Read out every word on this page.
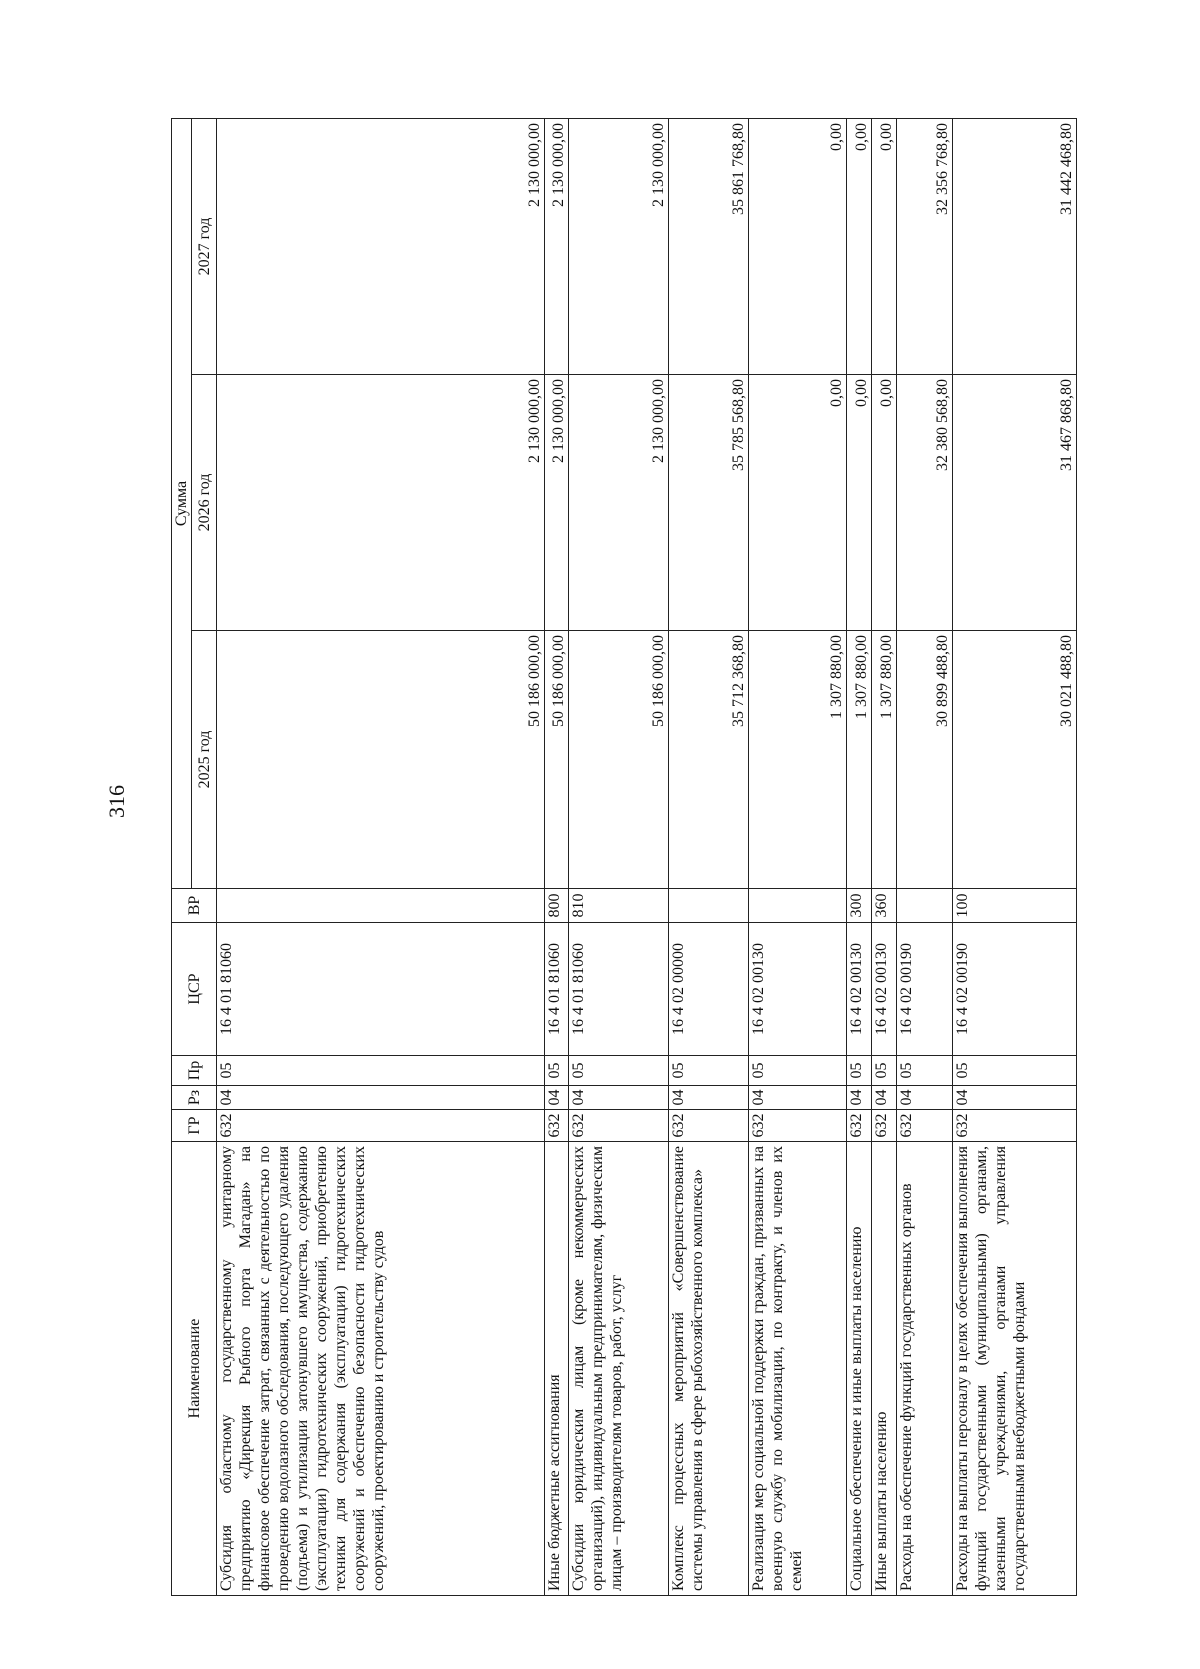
316
Наименование	ГР	Рз	Пр	ЦСР	ВР	Сумма		
						2025 год	2026 год	2027 год
Субсидия областному государственному унитарному предприятию «Дирекция Рыбного порта Магадан» на финансовое обеспечение затрат, связанных с деятельностью по проведению водолазного обследования, последующего удаления (подъема) и утилизации затонувшего имущества, содержанию (эксплуатации) гидротехнических сооружений, приобретению техники для содержания (эксплуатации) гидротехнических сооружений и обеспечению безопасности гидротехнических сооружений, проектированию и строительству судов	632	04	05	16 4 01 81060		50 186 000,00	2 130 000,00	2 130 000,00
Иные бюджетные ассигнования	632	04	05	16 4 01 81060	800	50 186 000,00	2 130 000,00	2 130 000,00
Субсидии юридическим лицам (кроме некоммерческих организаций), индивидуальным предпринимателям, физическим лицам – производителям товаров, работ, услуг	632	04	05	16 4 01 81060	810	50 186 000,00	2 130 000,00	2 130 000,00
Комплекс процессных мероприятий «Совершенствование системы управления в сфере рыбохозяйственного комплекса»	632	04	05	16 4 02 00000		35 712 368,80	35 785 568,80	35 861 768,80
Реализация мер социальной поддержки граждан, призванных на военную службу по мобилизации, по контракту, и членов их семей	632	04	05	16 4 02 00130		1 307 880,00	0,00	0,00
Социальное обеспечение и иные выплаты населению	632	04	05	16 4 02 00130	300	1 307 880,00	0,00	0,00
Иные выплаты населению	632	04	05	16 4 02 00130	360	1 307 880,00	0,00	0,00
Расходы на обеспечение функций государственных органов	632	04	05	16 4 02 00190		30 899 488,80	32 380 568,80	32 356 768,80
Расходы на выплаты персоналу в целях обеспечения выполнения функций государственными (муниципальными) органами, казенными учреждениями, органами управления государственными внебюджетными фондами	632	04	05	16 4 02 00190	100	30 021 488,80	31 467 868,80	31 442 468,80
